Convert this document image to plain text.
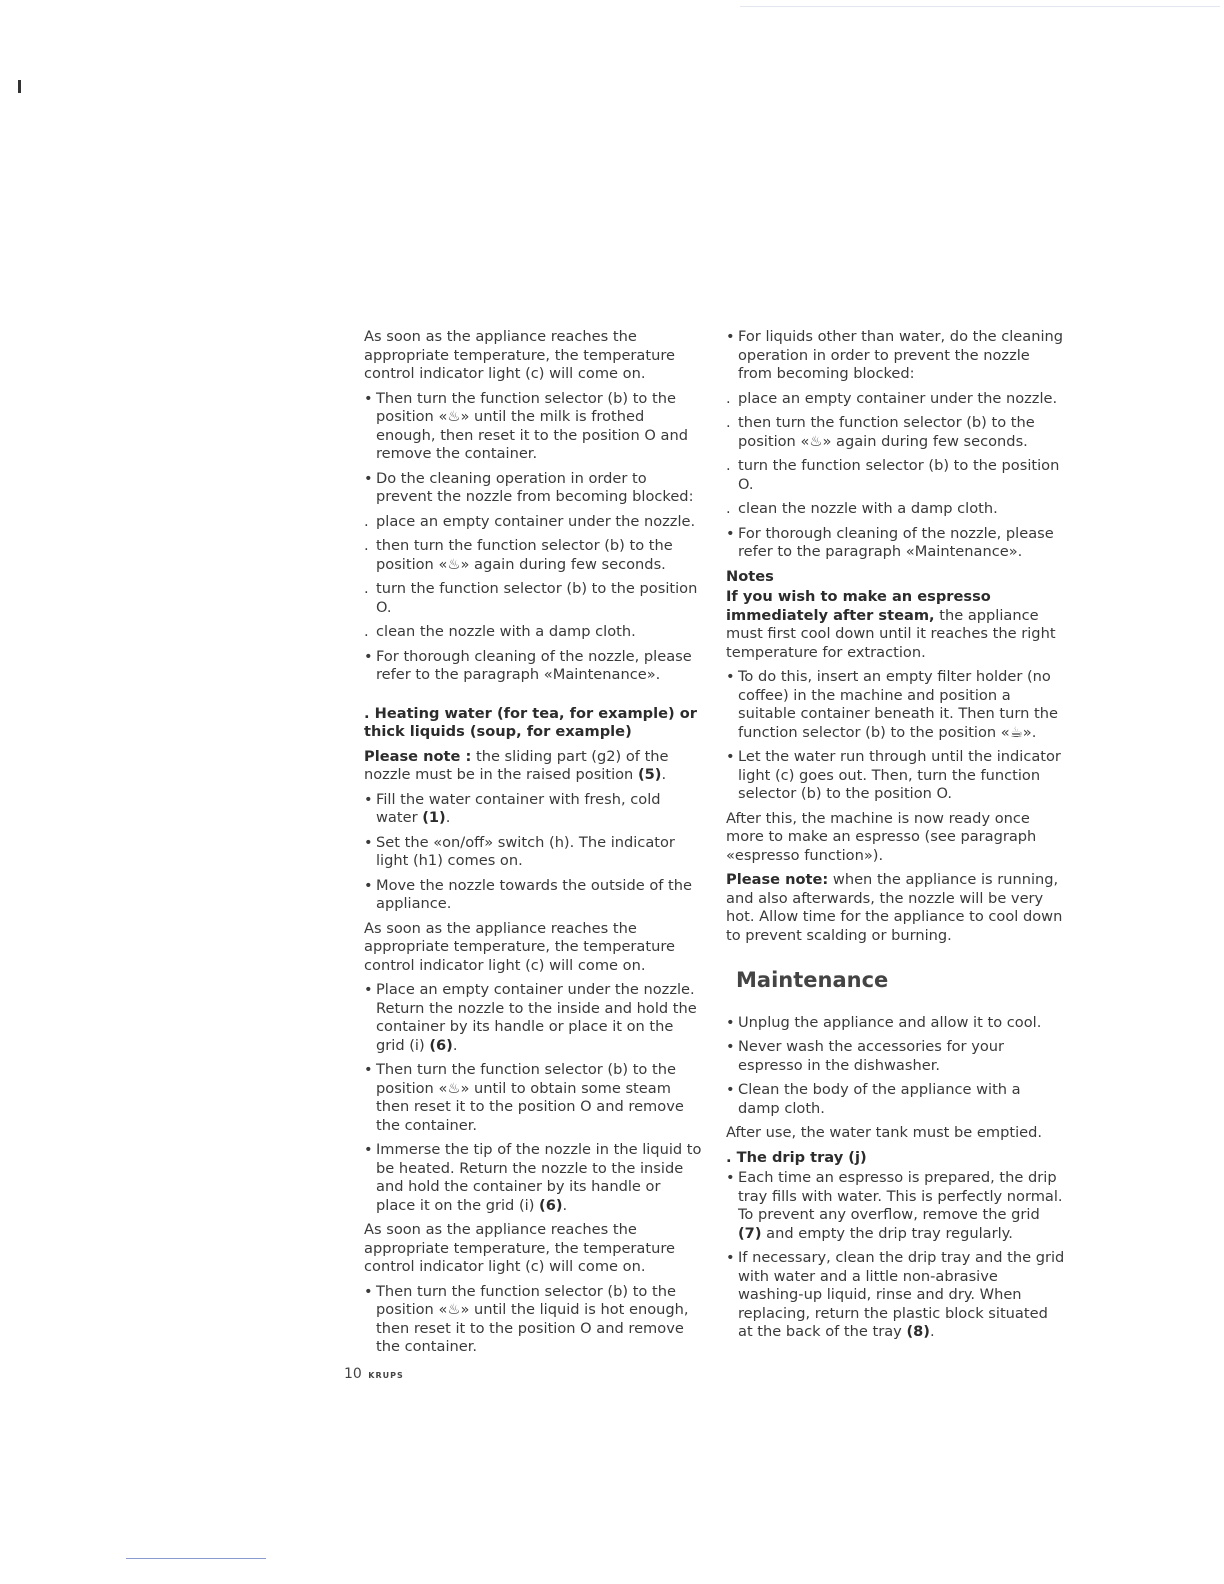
As soon as the appliance reaches the appropriate temperature, the temperature control indicator light (c) will come on.

• Then turn the function selector (b) to the position «♨» until the milk is frothed enough, then reset it to the position O and remove the container.
• Do the cleaning operation in order to prevent the nozzle from becoming blocked:
. place an empty container under the nozzle.
. then turn the function selector (b) to the position «♨» again during few seconds.
. turn the function selector (b) to the position O.
. clean the nozzle with a damp cloth.
• For thorough cleaning of the nozzle, please refer to the paragraph «Maintenance».
. Heating water (for tea, for example) or thick liquids (soup, for example)

Please note : the sliding part (g2) of the nozzle must be in the raised position (5).

• Fill the water container with fresh, cold water (1).
• Set the «on/off» switch (h). The indicator light (h1) comes on.
• Move the nozzle towards the outside of the appliance.

As soon as the appliance reaches the appropriate temperature, the temperature control indicator light (c) will come on.

• Place an empty container under the nozzle. Return the nozzle to the inside and hold the container by its handle or place it on the grid (i) (6).
• Then turn the function selector (b) to the position «♨» until to obtain some steam then reset it to the position O and remove the container.
• Immerse the tip of the nozzle in the liquid to be heated. Return the nozzle to the inside and hold the container by its handle or place it on the grid (i) (6).

As soon as the appliance reaches the appropriate temperature, the temperature control indicator light (c) will come on.

• Then turn the function selector (b) to the position «♨» until the liquid is hot enough, then reset it to the position O and remove the container.
• For liquids other than water, do the cleaning operation in order to prevent the nozzle from becoming blocked:
. place an empty container under the nozzle.
. then turn the function selector (b) to the position «♨» again during few seconds.
. turn the function selector (b) to the position O.
. clean the nozzle with a damp cloth.
• For thorough cleaning of the nozzle, please refer to the paragraph «Maintenance».
Notes

If you wish to make an espresso immediately after steam, the appliance must first cool down until it reaches the right temperature for extraction.

• To do this, insert an empty filter holder (no coffee) in the machine and position a suitable container beneath it. Then turn the function selector (b) to the position «☕».
• Let the water run through until the indicator light (c) goes out. Then, turn the function selector (b) to the position O.

After this, the machine is now ready once more to make an espresso (see paragraph «espresso function»).

Please note: when the appliance is running, and also afterwards, the nozzle will be very hot. Allow time for the appliance to cool down to prevent scalding or burning.

Maintenance
• Unplug the appliance and allow it to cool.
• Never wash the accessories for your espresso in the dishwasher.
• Clean the body of the appliance with a damp cloth.

After use, the water tank must be emptied.

. The drip tray (j)
• Each time an espresso is prepared, the drip tray fills with water. This is perfectly normal. To prevent any overflow, remove the grid (7) and empty the drip tray regularly.
• If necessary, clean the drip tray and the grid with water and a little non-abrasive washing-up liquid, rinse and dry. When replacing, return the plastic block situated at the back of the tray (8).
10 KRUPS
